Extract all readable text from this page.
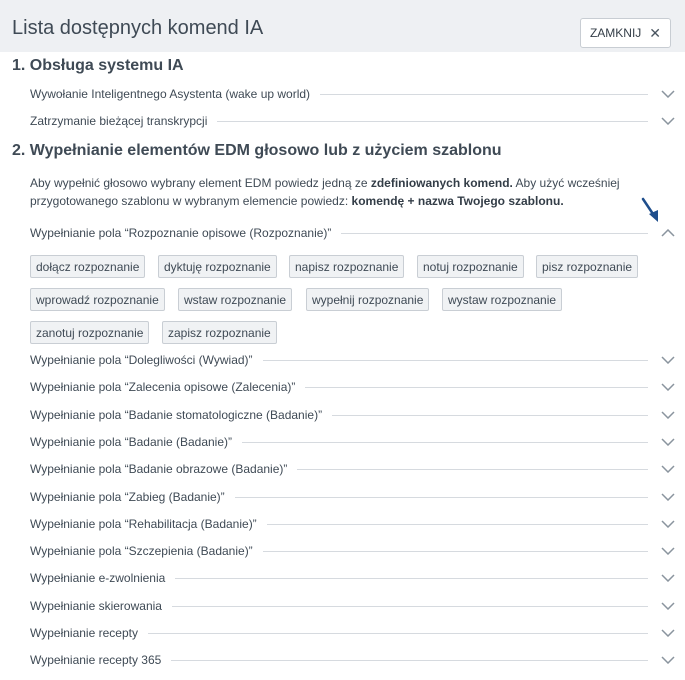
Lista dostępnych komend IA	ZAMKNIJ ✕
1. Obsługa systemu IA
Wywołanie Inteligentnego Asystenta (wake up world)
Zatrzymanie bieżącej transkrypcji
2. Wypełnianie elementów EDM głosowo lub z użyciem szablonu
Aby wypełnić głosowo wybrany element EDM powiedz jedną ze zdefiniowanych komend. Aby użyć wcześniej przygotowanego szablonu w wybranym elemencie powiedz: komendę + nazwa Twojego szablonu.
Wypełnianie pola “Rozpoznanie opisowe (Rozpoznanie)”
dołącz rozpoznanie	dyktuję rozpoznanie	napisz rozpoznanie	notuj rozpoznanie	pisz rozpoznanie
wprowadź rozpoznanie	wstaw rozpoznanie	wypełnij rozpoznanie	wystaw rozpoznanie
zanotuj rozpoznanie	zapisz rozpoznanie
Wypełnianie pola “Dolegliwości (Wywiad)”
Wypełnianie pola “Zalecenia opisowe (Zalecenia)”
Wypełnianie pola “Badanie stomatologiczne (Badanie)”
Wypełnianie pola “Badanie (Badanie)”
Wypełnianie pola “Badanie obrazowe (Badanie)”
Wypełnianie pola “Zabieg (Badanie)”
Wypełnianie pola “Rehabilitacja (Badanie)”
Wypełnianie pola “Szczepienia (Badanie)”
Wypełnianie e-zwolnienia
Wypełnianie skierowania
Wypełnianie recepty
Wypełnianie recepty 365
